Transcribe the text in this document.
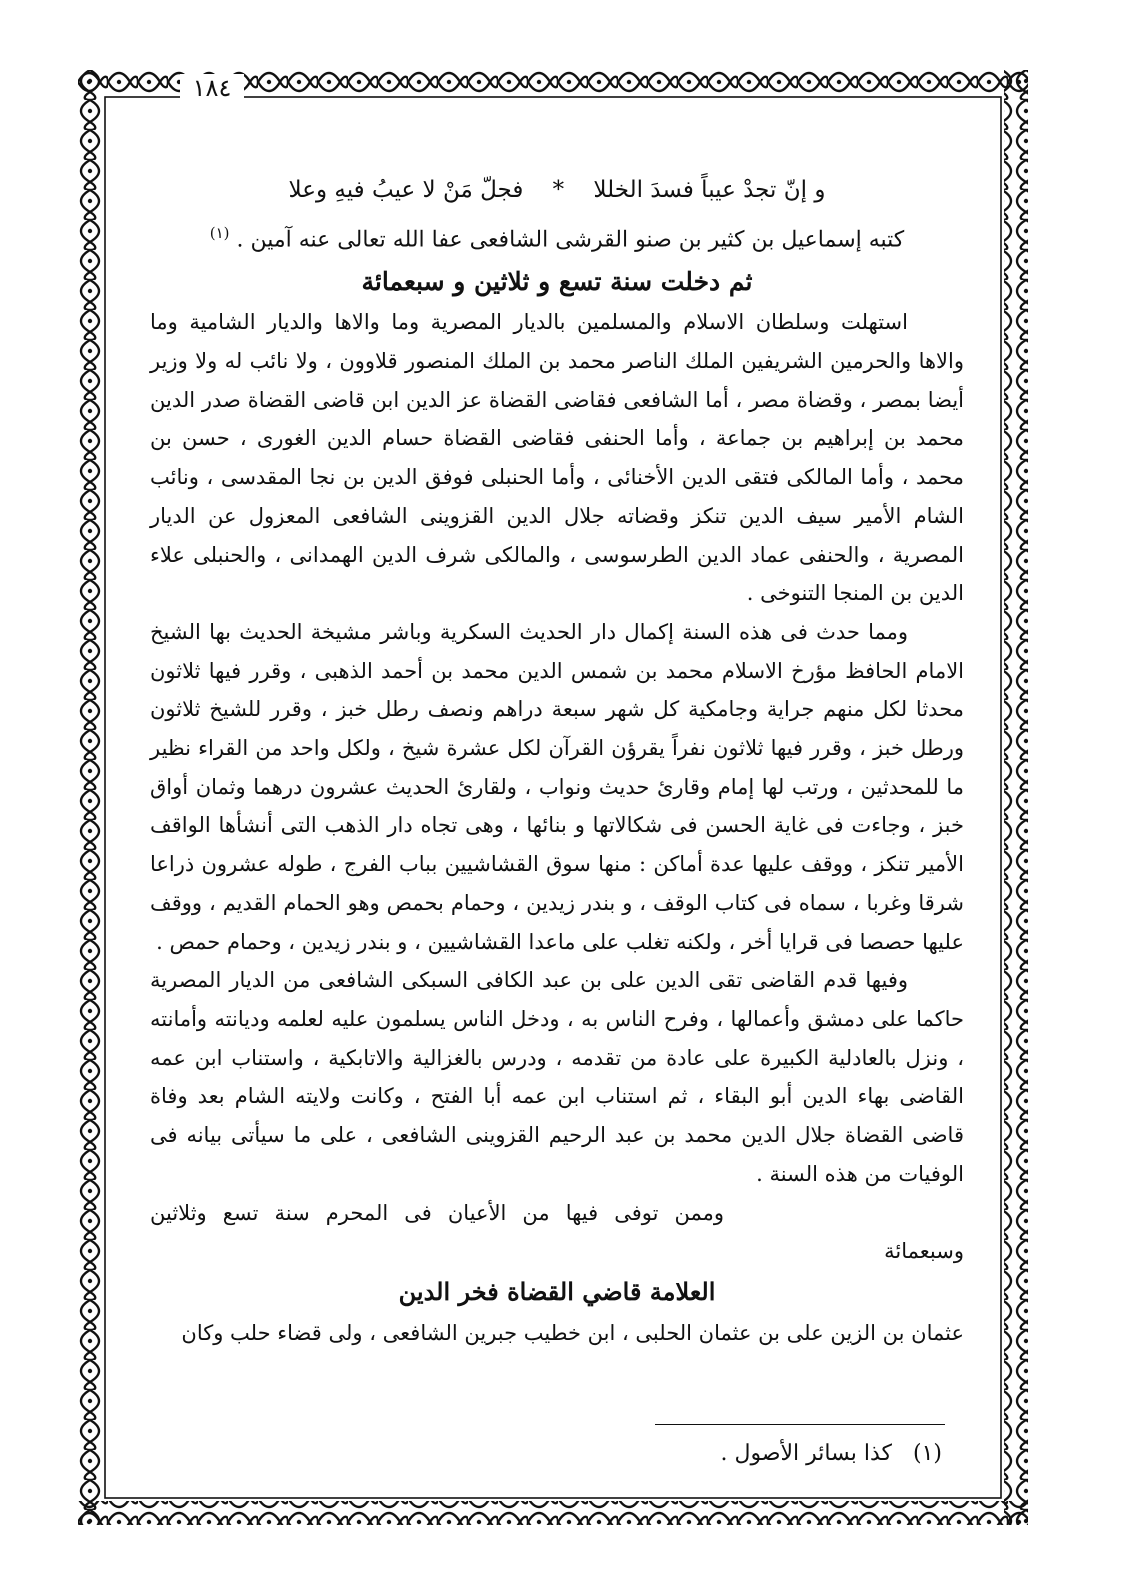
١٨٤

و إنّ تجدْ عيباً فسدَ الخللا    *    فجلّ مَنْ لا عيبُ فيهِ وعلا

كتبه إسماعيل بن كثير بن صنو القرشى الشافعى عفا الله تعالى عنه آمين . $^{(١)}$

ثم دخلت سنة تسع و ثلاثين و سبعمائة

استهلت وسلطان الاسلام والمسلمين بالديار المصرية وما والاها والديار الشامية وما والاها والحرمين الشريفين الملك الناصر محمد بن الملك المنصور قلاوون ، ولا نائب له ولا وزير أيضا بمصر ، وقضاة مصر ، أما الشافعى فقاضى القضاة عز الدين ابن قاضى القضاة صدر الدين محمد بن إبراهيم بن جماعة ، وأما الحنفى فقاضى القضاة حسام الدين الغورى ، حسن بن محمد ، وأما المالكى فتقى الدين الأخنائى ، وأما الحنبلى فوفق الدين بن نجا المقدسى ، ونائب الشام الأمير سيف الدين تنكز وقضاته جلال الدين القزوينى الشافعى المعزول عن الديار المصرية ، والحنفى عماد الدين الطرسوسى ، والمالكى شرف الدين الهمدانى ، والحنبلى علاء الدين بن المنجا التنوخى .

ومما حدث فى هذه السنة إكمال دار الحديث السكرية وباشر مشيخة الحديث بها الشيخ الامام الحافظ مؤرخ الاسلام محمد بن شمس الدين محمد بن أحمد الذهبى ، وقرر فيها ثلاثون محدثا لكل منهم جراية وجامكية كل شهر سبعة دراهم ونصف رطل خبز ، وقرر للشيخ ثلاثون ورطل خبز ، وقرر فيها ثلاثون نفراً يقرؤن القرآن لكل عشرة شيخ ، ولكل واحد من القراء نظير ما للمحدثين ، ورتب لها إمام وقارئ حديث ونواب ، ولقارئ الحديث عشرون درهما وثمان أواق خبز ، وجاءت فى غاية الحسن فى شكالاتها و بنائها ، وهى تجاه دار الذهب التى أنشأها الواقف الأمير تنكز ، ووقف عليها عدة أماكن : منها سوق القشاشيين بباب الفرج ، طوله عشرون ذراعا شرقا وغربا ، سماه فى كتاب الوقف ، و بندر زيدين ، وحمام بحمص وهو الحمام القديم ، ووقف عليها حصصا فى قرايا أخر ، ولكنه تغلب على ماعدا القشاشيين ، و بندر زيدين ، وحمام حمص .

وفيها قدم القاضى تقى الدين على بن عبد الكافى السبكى الشافعى من الديار المصرية حاكما على دمشق وأعمالها ، وفرح الناس به ، ودخل الناس يسلمون عليه لعلمه وديانته وأمانته ، ونزل بالعادلية الكبيرة على عادة من تقدمه ، ودرس بالغزالية والاتابكية ، واستناب ابن عمه القاضى بهاء الدين أبو البقاء ، ثم استناب ابن عمه أبا الفتح ، وكانت ولايته الشام بعد وفاة قاضى القضاة جلال الدين محمد بن عبد الرحيم القزوينى الشافعى ، على ما سيأتى بيانه فى الوفيات من هذه السنة .

وممن توفى فيها من الأعيان فى المحرم سنة تسع وثلاثين وسبعمائة

العلامة قاضي القضاة فخر الدين

عثمان بن الزين على بن عثمان الحلبى ، ابن خطيب جبرين الشافعى ، ولى قضاء حلب وكان

(١)   كذا بسائر الأصول .
